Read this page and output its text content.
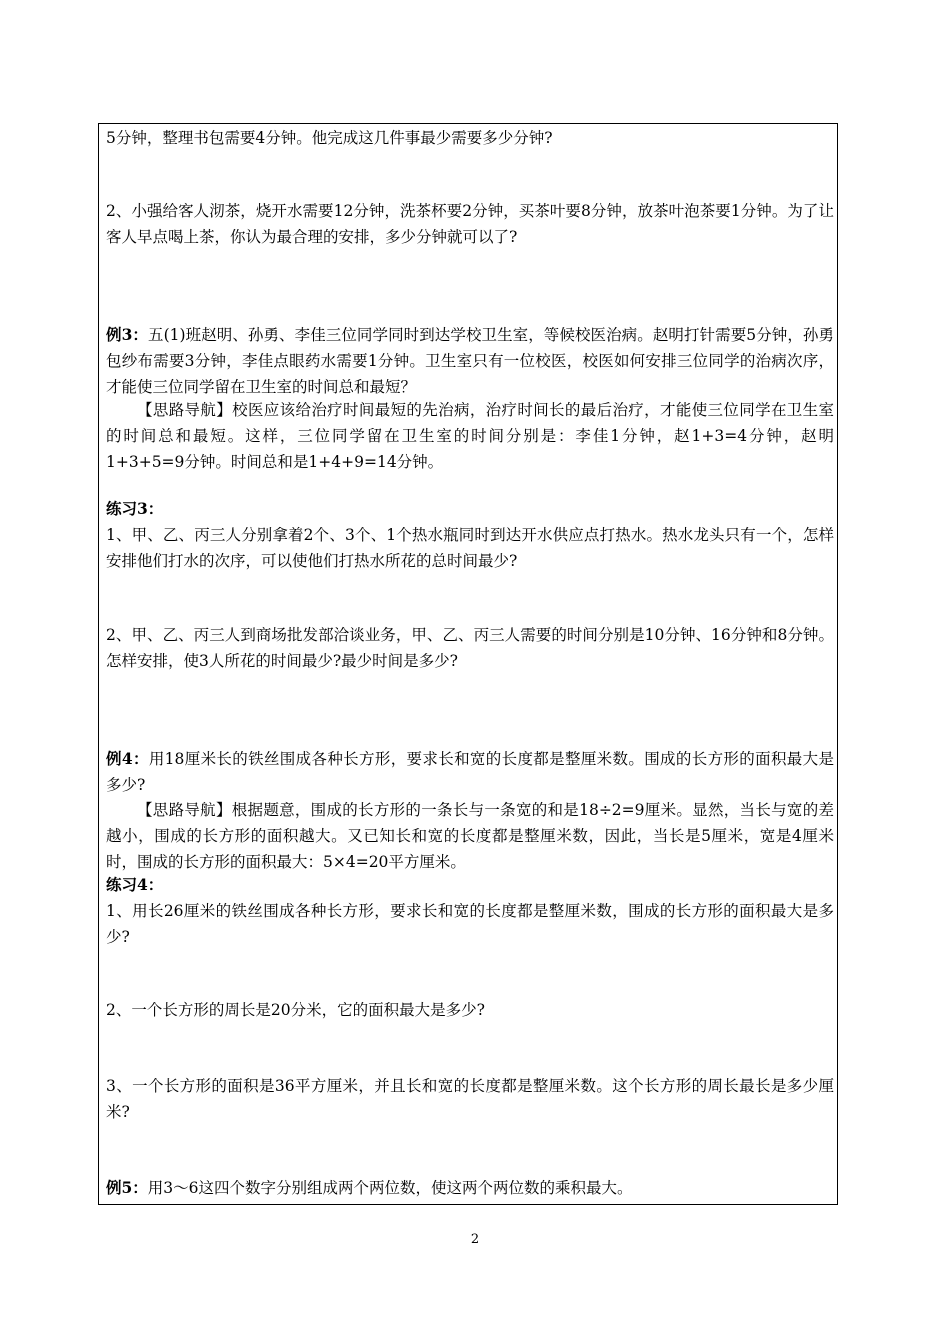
5分钟，整理书包需要4分钟。他完成这几件事最少需要多少分钟?

2、小强给客人沏茶，烧开水需要12分钟，洗茶杯要2分钟，买茶叶要8分钟，放茶叶泡茶要1分钟。为了让客人早点喝上茶，你认为最合理的安排，多少分钟就可以了?

例3：五(1)班赵明、孙勇、李佳三位同学同时到达学校卫生室，等候校医治病。赵明打针需要5分钟，孙勇包纱布需要3分钟，李佳点眼药水需要1分钟。卫生室只有一位校医，校医如何安排三位同学的治病次序，才能使三位同学留在卫生室的时间总和最短？

【思路导航】校医应该给治疗时间最短的先治病，治疗时间长的最后治疗，才能使三位同学在卫生室的时间总和最短。这样，三位同学留在卫生室的时间分别是：李佳1分钟，赵1+3=4分钟，赵明1+3+5=9分钟。时间总和是1+4+9=14分钟。

练习3：

1、甲、乙、丙三人分别拿着2个、3个、1个热水瓶同时到达开水供应点打热水。热水龙头只有一个，怎样安排他们打水的次序，可以使他们打热水所花的总时间最少?

2、甲、乙、丙三人到商场批发部洽谈业务，甲、乙、丙三人需要的时间分别是10分钟、16分钟和8分钟。怎样安排，使3人所花的时间最少?最少时间是多少?

例4：用18厘米长的铁丝围成各种长方形，要求长和宽的长度都是整厘米数。围成的长方形的面积最大是多少?

【思路导航】根据题意，围成的长方形的一条长与一条宽的和是18÷2=9厘米。显然，当长与宽的差越小，围成的长方形的面积越大。又已知长和宽的长度都是整厘米数，因此，当长是5厘米，宽是4厘米时，围成的长方形的面积最大：5×4=20平方厘米。

练习4：

1、用长26厘米的铁丝围成各种长方形，要求长和宽的长度都是整厘米数，围成的长方形的面积最大是多少?

2、一个长方形的周长是20分米，它的面积最大是多少?

3、一个长方形的面积是36平方厘米，并且长和宽的长度都是整厘米数。这个长方形的周长最长是多少厘米?

例5：用3～6这四个数字分别组成两个两位数，使这两个两位数的乘积最大。

2
